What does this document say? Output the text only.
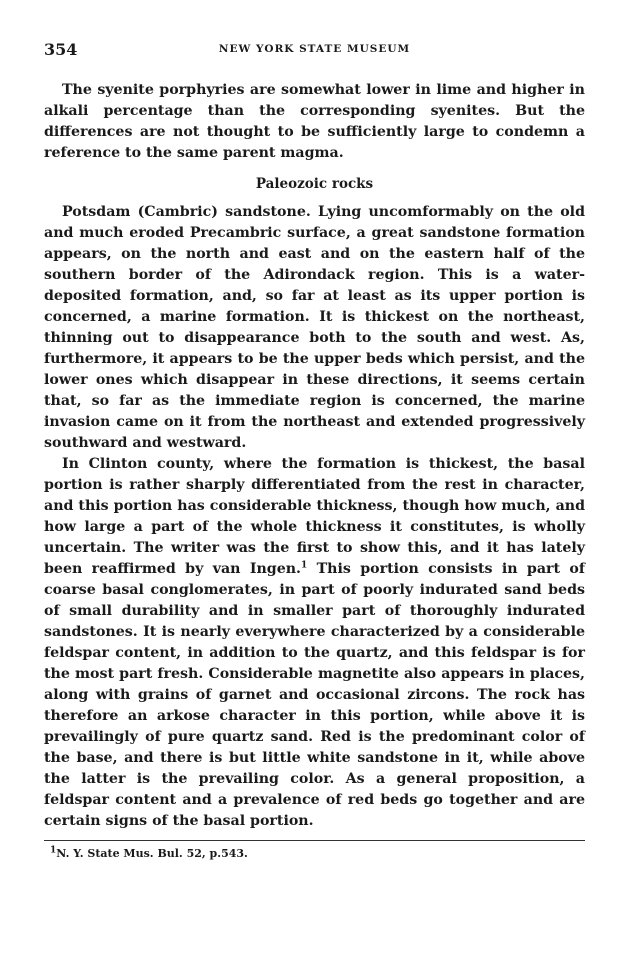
354	NEW YORK STATE MUSEUM

The syenite porphyries are somewhat lower in lime and higher in alkali percentage than the corresponding syenites. But the differences are not thought to be sufficiently large to condemn a reference to the same parent magma.

Paleozoic rocks

Potsdam (Cambric) sandstone. Lying uncomformably on the old and much eroded Precambric surface, a great sandstone formation appears, on the north and east and on the eastern half of the southern border of the Adirondack region. This is a water-deposited formation, and, so far at least as its upper portion is concerned, a marine formation. It is thickest on the northeast, thinning out to disappearance both to the south and west. As, furthermore, it appears to be the upper beds which persist, and the lower ones which disappear in these directions, it seems certain that, so far as the immediate region is concerned, the marine invasion came on it from the northeast and extended progressively southward and westward.

In Clinton county, where the formation is thickest, the basal portion is rather sharply differentiated from the rest in character, and this portion has considerable thickness, though how much, and how large a part of the whole thickness it constitutes, is wholly uncertain. The writer was the first to show this, and it has lately been reaffirmed by van Ingen.$^1$ This portion consists in part of coarse basal conglomerates, in part of poorly indurated sand beds of small durability and in smaller part of thoroughly indurated sandstones. It is nearly everywhere characterized by a considerable feldspar content, in addition to the quartz, and this feldspar is for the most part fresh. Considerable magnetite also appears in places, along with grains of garnet and occasional zircons. The rock has therefore an arkose character in this portion, while above it is prevailingly of pure quartz sand. Red is the predominant color of the base, and there is but little white sandstone in it, while above the latter is the prevailing color. As a general proposition, a feldspar content and a prevalence of red beds go together and are certain signs of the basal portion.

$^1$N. Y. State Mus. Bul. 52, p.543.
